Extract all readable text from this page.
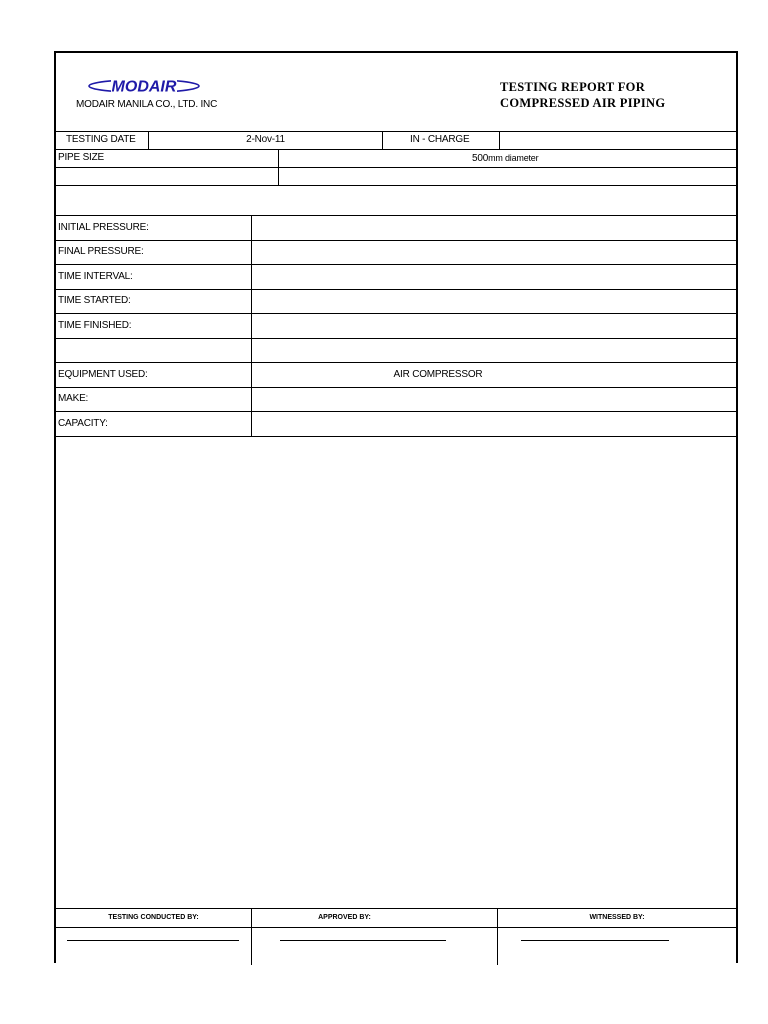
MODAIR
MODAIR MANILA CO., LTD. INC
TESTING REPORT FOR
COMPRESSED AIR PIPING
TESTING DATE	2-Nov-11	IN - CHARGE
PIPE SIZE	500mm diameter
INITIAL PRESSURE:
FINAL PRESSURE:
TIME INTERVAL:
TIME STARTED:
TIME FINISHED:
EQUIPMENT USED:	AIR COMPRESSOR
MAKE:
CAPACITY:
TESTING CONDUCTED BY:	APPROVED BY:	WITNESSED BY:
